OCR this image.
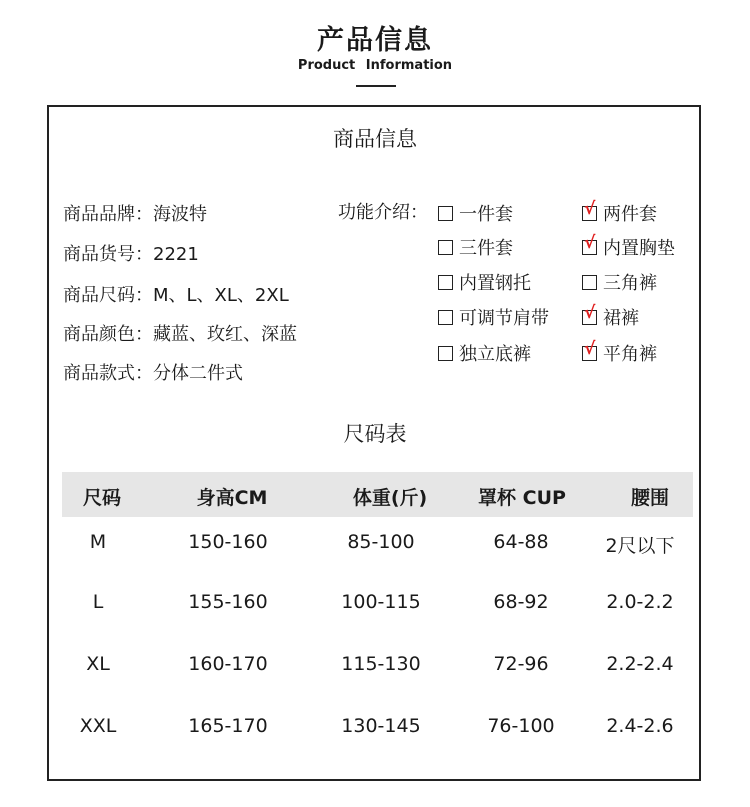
产品信息
Product Information
商品信息
商品品牌：海波特
商品货号：2221
商品尺码：M、L、XL、2XL
商品颜色：藏蓝、玫红、深蓝
商品款式：分体二件式
功能介绍： 一件套	√ 两件套
三件套	√ 内置胸垫
内置钢托	三角裤
可调节肩带 √ 裙裤
独立底裤	√ 平角裤
尺码表
尺码	身高CM	体重(斤)	罩杯 CUP	腰围
M	150-160	85-100	64-88	2尺以下
L	155-160	100-115	68-92	2.0-2.2
XL	160-170	115-130	72-96	2.2-2.4
XXL	165-170	130-145	76-100	2.4-2.6
